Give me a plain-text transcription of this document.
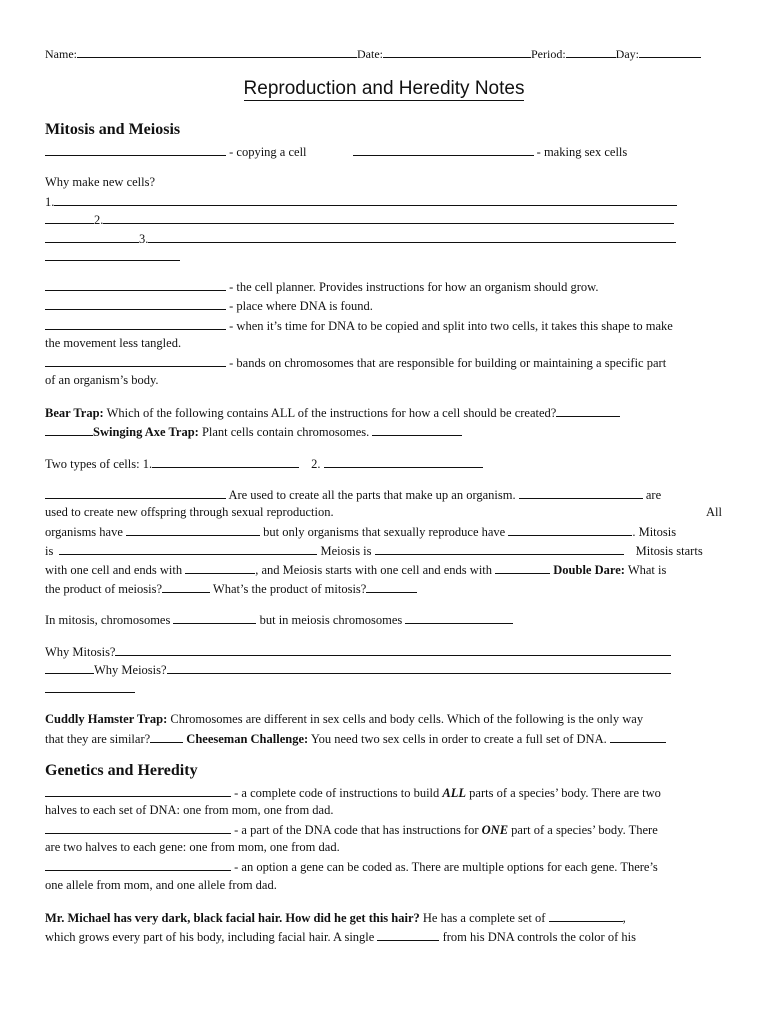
Name:	Date:	Period:	Day:
Reproduction and Heredity Notes
Mitosis and Meiosis
- copying a cell	- making sex cells
Why make new cells?
1.
2.
3.
- the cell planner. Provides instructions for how an organism should grow.
- place where DNA is found.
- when it’s time for DNA to be copied and split into two cells, it takes this shape to make
the movement less tangled.
- bands on chromosomes that are responsible for building or maintaining a specific part
of an organism’s body.
Bear Trap: Which of the following contains ALL of the instructions for how a cell should be created?
Swinging Axe Trap: Plant cells contain chromosomes.
Two types of cells: 1.	2.
Are used to create all the parts that make up an organism.	are
used to create new offspring through sexual reproduction.	All
organisms have	but only organisms that sexually reproduce have	. Mitosis
is	Meiosis is	Mitosis starts
with one cell and ends with	, and Meiosis starts with one cell and ends with	Double Dare: What is
the product of meiosis?	What’s the product of mitosis?
In mitosis, chromosomes	but in meiosis chromosomes
Why Mitosis?
Why Meiosis?
Cuddly Hamster Trap: Chromosomes are different in sex cells and body cells. Which of the following is the only way
that they are similar?	Cheeseman Challenge: You need two sex cells in order to create a full set of DNA.
Genetics and Heredity
- a complete code of instructions to build ALL parts of a species’ body. There are two
halves to each set of DNA: one from mom, one from dad.
- a part of the DNA code that has instructions for ONE part of a species’ body. There
are two halves to each gene: one from mom, one from dad.
- an option a gene can be coded as. There are multiple options for each gene. There’s
one allele from mom, and one allele from dad.
Mr. Michael has very dark, black facial hair. How did he get this hair? He has a complete set of	,
which grows every part of his body, including facial hair. A single	from his DNA controls the color of his
